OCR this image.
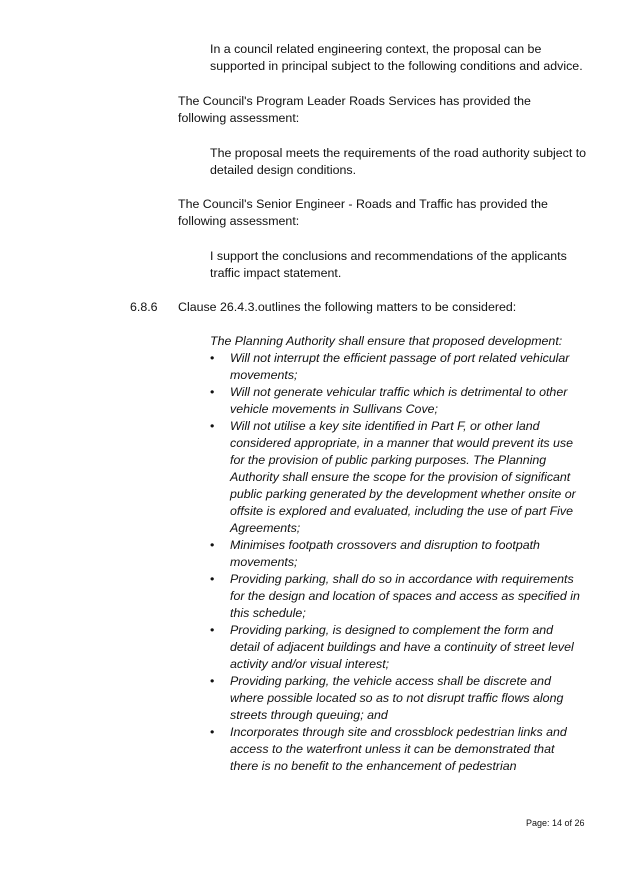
In a council related engineering context, the proposal can be supported in principal subject to the following conditions and advice.

The Council's Program Leader Roads Services has provided the following assessment:

The proposal meets the requirements of the road authority subject to detailed design conditions.

The Council's Senior Engineer - Roads and Traffic has provided the following assessment:

I support the conclusions and recommendations of the applicants traffic impact statement.

6.8.6 Clause 26.4.3.outlines the following matters to be considered:

The Planning Authority shall ensure that proposed development:

• Will not interrupt the efficient passage of port related vehicular movements;
• Will not generate vehicular traffic which is detrimental to other vehicle movements in Sullivans Cove;
• Will not utilise a key site identified in Part F, or other land considered appropriate, in a manner that would prevent its use for the provision of public parking purposes. The Planning Authority shall ensure the scope for the provision of significant public parking generated by the development whether onsite or offsite is explored and evaluated, including the use of part Five Agreements;
• Minimises footpath crossovers and disruption to footpath movements;
• Providing parking, shall do so in accordance with requirements for the design and location of spaces and access as specified in this schedule;
• Providing parking, is designed to complement the form and detail of adjacent buildings and have a continuity of street level activity and/or visual interest;
• Providing parking, the vehicle access shall be discrete and where possible located so as to not disrupt traffic flows along streets through queuing; and
• Incorporates through site and crossblock pedestrian links and access to the waterfront unless it can be demonstrated that there is no benefit to the enhancement of pedestrian

Page: 14 of 26
